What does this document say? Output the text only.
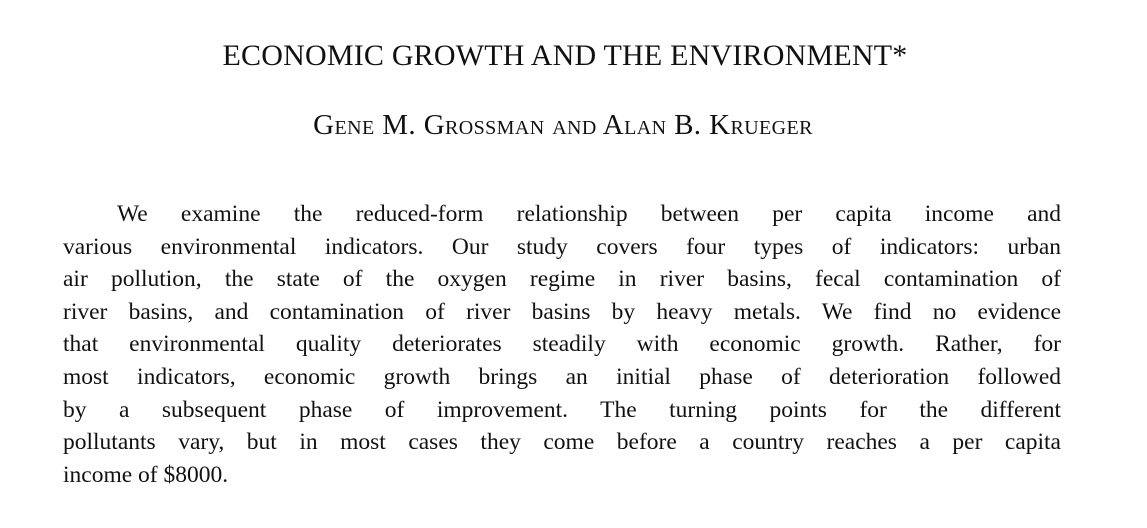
ECONOMIC GROWTH AND THE ENVIRONMENT*
Gene M. Grossman and Alan B. Krueger
We examine the reduced-form relationship between per capita income and
various environmental indicators. Our study covers four types of indicators: urban
air pollution, the state of the oxygen regime in river basins, fecal contamination of
river basins, and contamination of river basins by heavy metals. We find no evidence
that environmental quality deteriorates steadily with economic growth. Rather, for
most indicators, economic growth brings an initial phase of deterioration followed
by a subsequent phase of improvement. The turning points for the different
pollutants vary, but in most cases they come before a country reaches a per capita
income of $8000.
